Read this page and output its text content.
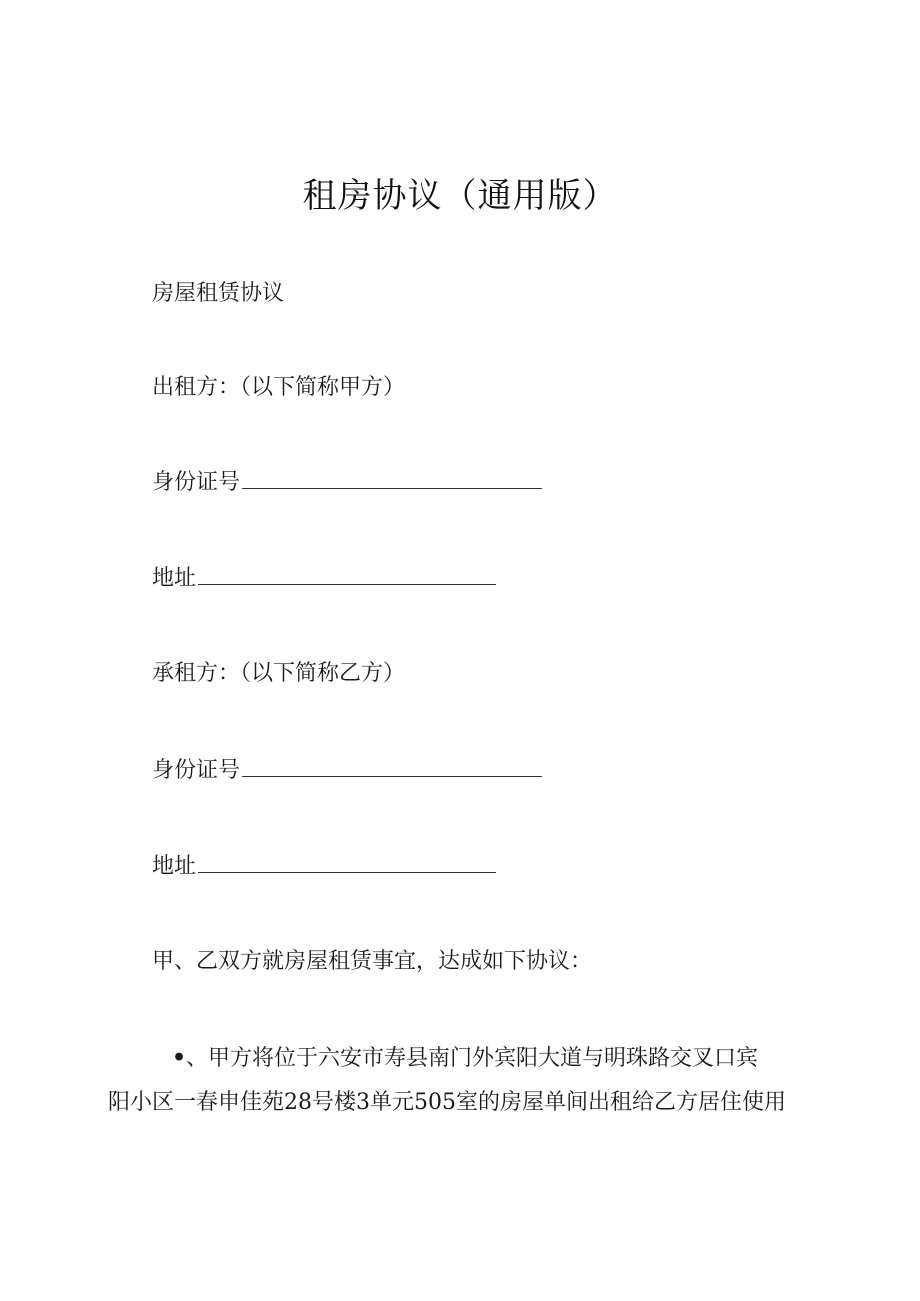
租房协议（通用版）
房屋租赁协议
出租方：（以下简称甲方）
身份证号
地址
承租方：（以下简称乙方）
身份证号
地址
甲、乙双方就房屋租赁事宜，达成如下协议：
•、甲方将位于六安市寿县南门外宾阳大道与明珠路交叉口宾
阳小区一春申佳苑28号楼3单元505室的房屋单间出租给乙方居住使用
